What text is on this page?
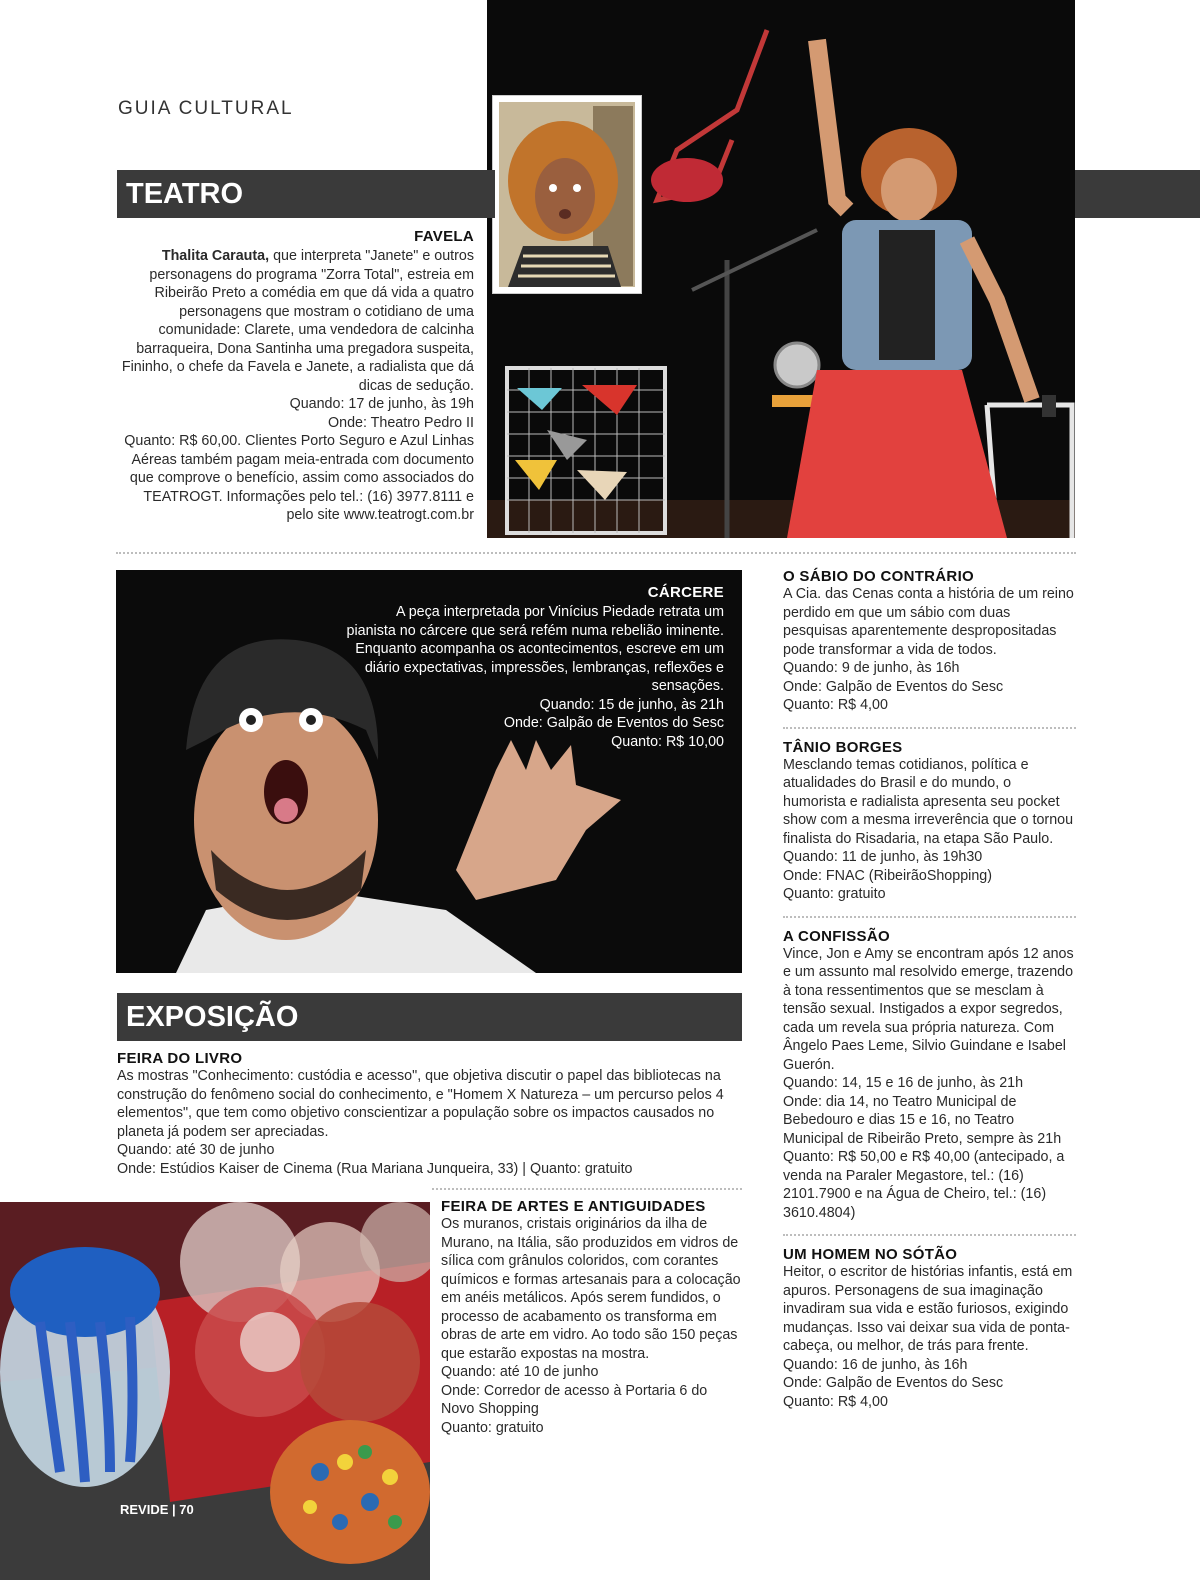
GUIA CULTURAL
TEATRO
FAVELA
Thalita Carauta, que interpreta "Janete" e outros personagens do programa "Zorra Total", estreia em Ribeirão Preto a comédia em que dá vida a quatro personagens que mostram o cotidiano de uma comunidade: Clarete, uma vendedora de calcinha barraqueira, Dona Santinha uma pregadora suspeita, Fininho, o chefe da Favela e Janete, a radialista que dá dicas de sedução.
Quando: 17 de junho, às 19h
Onde: Theatro Pedro II
Quanto: R$ 60,00. Clientes Porto Seguro e Azul Linhas Aéreas também pagam meia-entrada com documento que comprove o benefício, assim como associados do TEATROGT. Informações pelo tel.: (16) 3977.8111 e pelo site www.teatrogt.com.br
CÁRCERE
A peça interpretada por Vinícius Piedade retrata um pianista no cárcere que será refém numa rebelião iminente. Enquanto acompanha os acontecimentos, escreve em um diário expectativas, impressões, lembranças, reflexões e sensações.
Quando: 15 de junho, às 21h
Onde: Galpão de Eventos do Sesc
Quanto: R$ 10,00
O SÁBIO DO CONTRÁRIO
A Cia. das Cenas conta a história de um reino perdido em que um sábio com duas pesquisas aparentemente despropositadas pode transformar a vida de todos.
Quando: 9 de junho, às 16h
Onde: Galpão de Eventos do Sesc
Quanto: R$ 4,00
TÂNIO BORGES
Mesclando temas cotidianos, política e atualidades do Brasil e do mundo, o humorista e radialista apresenta seu pocket show com a mesma irreverência que o tornou finalista do Risadaria, na etapa São Paulo.
Quando: 11 de junho, às 19h30
Onde: FNAC (RibeirãoShopping)
Quanto: gratuito
A CONFISSÃO
Vince, Jon e Amy se encontram após 12 anos e um assunto mal resolvido emerge, trazendo à tona ressentimentos que se mesclam à tensão sexual. Instigados a expor segredos, cada um revela sua própria natureza. Com Ângelo Paes Leme, Silvio Guindane e Isabel Guerón.
Quando: 14, 15 e 16 de junho, às 21h
Onde: dia 14, no Teatro Municipal de Bebedouro e dias 15 e 16, no Teatro Municipal de Ribeirão Preto, sempre às 21h
Quanto: R$ 50,00 e R$ 40,00 (antecipado, a venda na Paraler Megastore, tel.: (16) 2101.7900 e na Água de Cheiro, tel.: (16) 3610.4804)
UM HOMEM NO SÓTÃO
Heitor, o escritor de histórias infantis, está em apuros. Personagens de sua imaginação invadiram sua vida e estão furiosos, exigindo mudanças. Isso vai deixar sua vida de ponta-cabeça, ou melhor, de trás para frente.
Quando: 16 de junho, às 16h
Onde: Galpão de Eventos do Sesc
Quanto: R$ 4,00
EXPOSIÇÃO
FEIRA DO LIVRO
As mostras "Conhecimento: custódia e acesso", que objetiva discutir o papel das bibliotecas na construção do fenômeno social do conhecimento, e "Homem X Natureza – um percurso pelos 4 elementos", que tem como objetivo conscientizar a população sobre os impactos causados no planeta já podem ser apreciadas.
Quando: até 30 de junho
Onde: Estúdios Kaiser de Cinema (Rua Mariana Junqueira, 33) | Quanto: gratuito
REVIDE | 70
FEIRA DE ARTES E ANTIGUIDADES
Os muranos, cristais originários da ilha de Murano, na Itália, são produzidos em vidros de sílica com grânulos coloridos, com corantes químicos e formas artesanais para a colocação em anéis metálicos. Após serem fundidos, o processo de acabamento os transforma em obras de arte em vidro. Ao todo são 150 peças que estarão expostas na mostra.
Quando: até 10 de junho
Onde: Corredor de acesso à Portaria 6 do Novo Shopping
Quanto: gratuito
